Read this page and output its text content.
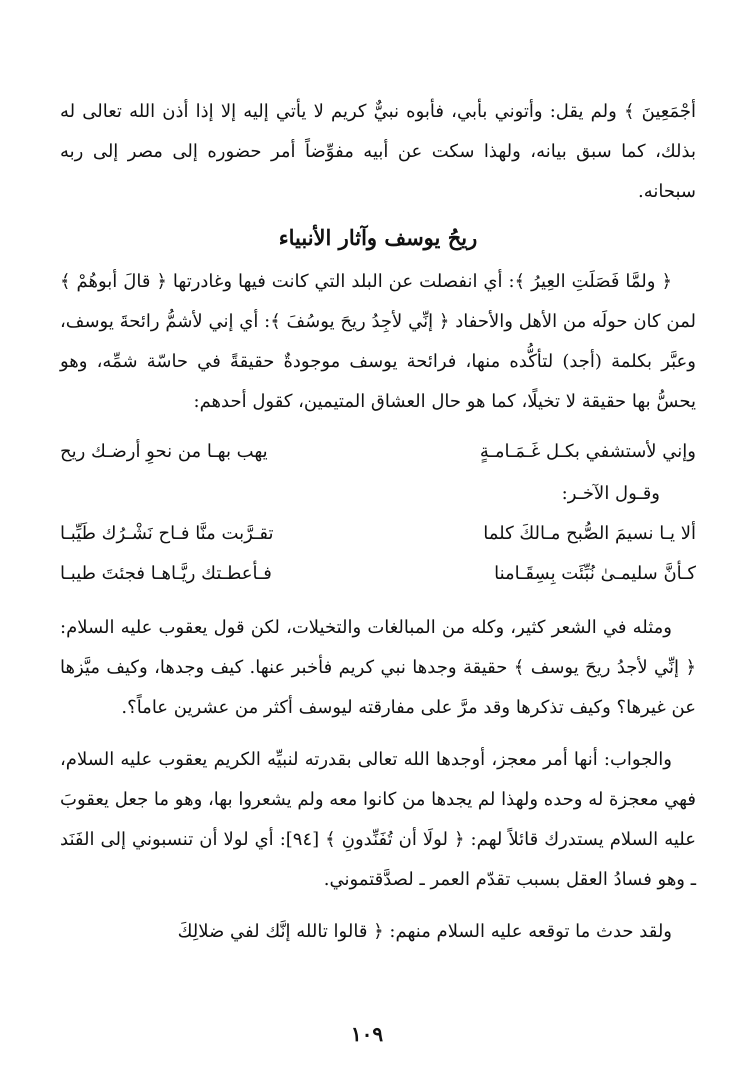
أجْمَعِينَ ﴾ ولم يقل: وأتوني بأبي، فأبوه نبيٌّ كريم لا يأتي إليه إلا إذا أذن الله تعالى له بذلك، كما سبق بيانه، ولهذا سكت عن أبيه مفوِّضاً أمر حضوره إلى مصر إلى ربه سبحانه.

ريحُ يوسف وآثار الأنبياء

﴿ ولمَّا فَصَلَتِ العِيرُ ﴾: أي انفصلت عن البلد التي كانت فيها وغادرتها ﴿ قالَ أبوهُمْ ﴾ لمن كان حولَه من الأهل والأحفاد ﴿ إنِّي لأجِدُ ريحَ يوسُفَ ﴾: أي إني لأشمُّ رائحةَ يوسف، وعبَّر بكلمة (أجد) لتأكُّده منها، فرائحة يوسف موجودةٌ حقيقةً في حاسّة شمِّه، وهو يحسُّ بها حقيقة لا تخيلًا، كما هو حال العشاق المتيمين، كقول أحدهم:

وإني لأستشفي بكـل غَـمَـامـةٍ
يهب بهـا من نحوِ أرضـك ريح
وقـول الآخـر:
ألا يـا نسيمَ الصُّبح مـالكَ كلما
تقـرَّبت منَّا فـاح نَشْـرُك طَيِّبـا
كـأنَّ سليمـىٰ نُبِّئَت بِسِقَـامنا
فـأعطـتك ريَّـاهـا فجئتَ طيبـا

ومثله في الشعر كثير، وكله من المبالغات والتخيلات، لكن قول يعقوب عليه السلام: ﴿ إنِّي لأجدُ ريحَ يوسف ﴾ حقيقة وجدها نبي كريم فأخبر عنها. كيف وجدها، وكيف ميَّزها عن غيرها؟ وكيف تذكرها وقد مرَّ على مفارقته ليوسف أكثر من عشرين عاماً؟.

والجواب: أنها أمر معجز، أوجدها الله تعالى بقدرته لنبيِّه الكريم يعقوب عليه السلام، فهي معجزة له وحده ولهذا لم يجدها من كانوا معه ولم يشعروا بها، وهو ما جعل يعقوبَ عليه السلام يستدرك قائلاً لهم: ﴿ لولَا أن تُفَنِّدونِ ﴾ [٩٤]: أي لولا أن تنسبوني إلى الفَنَد ـ وهو فسادُ العقل بسبب تقدّم العمر ـ لصدَّقتموني.

ولقد حدث ما توقعه عليه السلام منهم: ﴿ قالوا تالله إنَّك لفي ضلالِكَ

١٠٩
